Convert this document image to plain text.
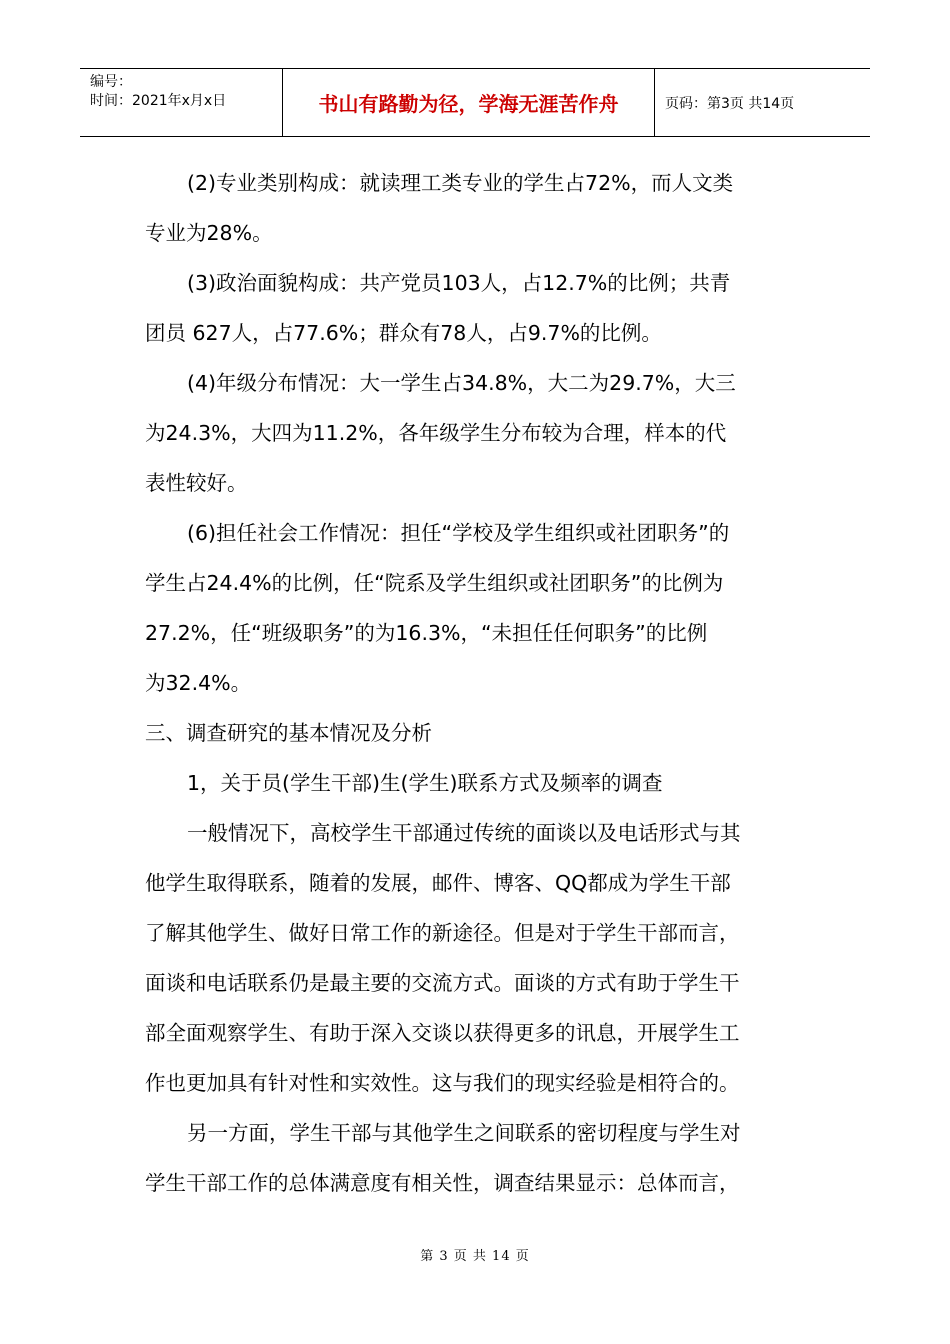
编号：
时间：2021年x月x日	书山有路勤为径，学海无涯苦作舟	页码：第3页 共14页

(2)专业类别构成：就读理工类专业的学生占72%，而人文类

专业为28%。

(3)政治面貌构成：共产党员103人，占12.7%的比例；共青

团员 627人，占77.6%；群众有78人，占9.7%的比例。

(4)年级分布情况：大一学生占34.8%，大二为29.7%，大三

为24.3%，大四为11.2%，各年级学生分布较为合理，样本的代

表性较好。

(6)担任社会工作情况：担任“学校及学生组织或社团职务”的

学生占24.4%的比例，任“院系及学生组织或社团职务”的比例为

27.2%，任“班级职务”的为16.3%，“未担任任何职务”的比例

为32.4%。

三、调查研究的基本情况及分析

1，关于员(学生干部)生(学生)联系方式及频率的调查

一般情况下，高校学生干部通过传统的面谈以及电话形式与其

他学生取得联系，随着的发展，邮件、博客、QQ都成为学生干部

了解其他学生、做好日常工作的新途径。但是对于学生干部而言，

面谈和电话联系仍是最主要的交流方式。面谈的方式有助于学生干

部全面观察学生、有助于深入交谈以获得更多的讯息，开展学生工

作也更加具有针对性和实效性。这与我们的现实经验是相符合的。

另一方面，学生干部与其他学生之间联系的密切程度与学生对

学生干部工作的总体满意度有相关性，调查结果显示：总体而言，

第 3 页 共 14 页
